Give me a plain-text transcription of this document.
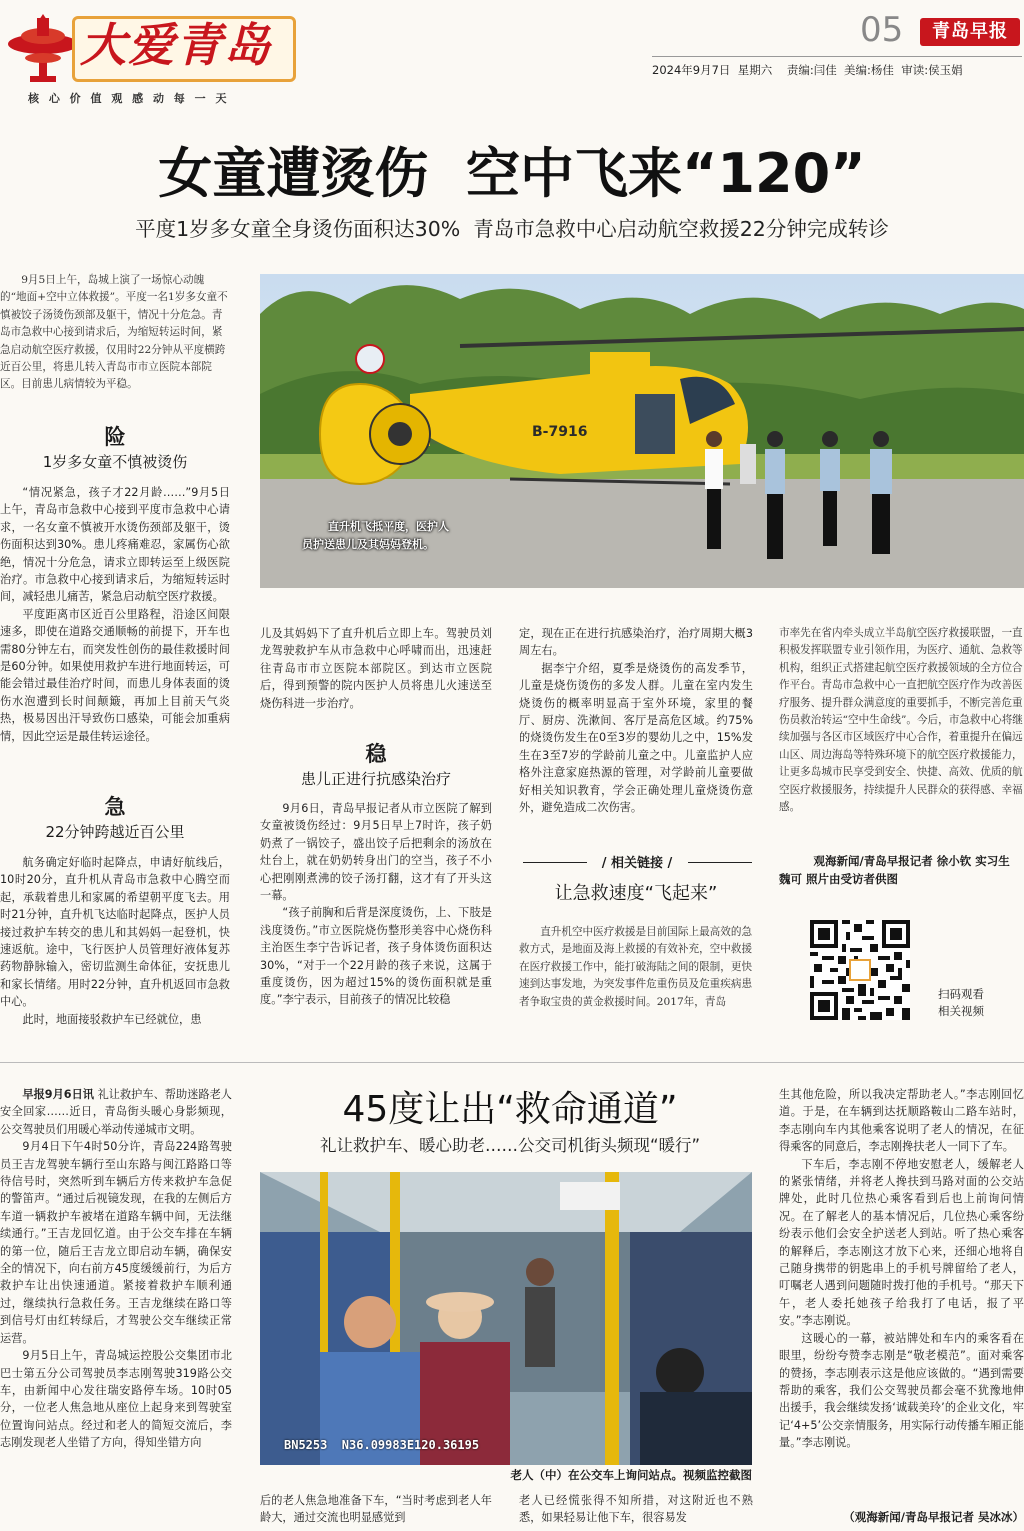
大爱青岛
核 心 价 值 观 感 动 每 一 天
05	青岛早报
2024年9月7日  星期六    责编:闫佳  美编:杨佳  审读:侯玉娟
女童遭烫伤  空中飞来“120”
平度1岁多女童全身烫伤面积达30%  青岛市急救中心启动航空救援22分钟完成转诊

9月5日上午，岛城上演了一场惊心动魄的“地面+空中立体救援”。平度一名1岁多女童不慎被饺子汤烫伤颈部及躯干，情况十分危急。青岛市急救中心接到请求后，为缩短转运时间，紧急启动航空医疗救援，仅用时22分钟从平度横跨近百公里，将患儿转入青岛市市立医院本部院区。目前患儿病情较为平稳。

险
1岁多女童不慎被烫伤

“情况紧急，孩子才22月龄……”9月5日上午，青岛市急救中心接到平度市急救中心请求，一名女童不慎被开水烫伤颈部及躯干，烫伤面积达到30%。患儿疼痛难忍，家属伤心欲绝，情况十分危急，请求立即转运至上级医院治疗。市急救中心接到请求后，为缩短转运时间，减轻患儿痛苦，紧急启动航空医疗救援。

平度距离市区近百公里路程，沿途区间限速多，即使在道路交通顺畅的前提下，开车也需80分钟左右，而突发性创伤的最佳救援时间是60分钟。如果使用救护车进行地面转运，可能会错过最佳治疗时间，而患儿身体表面的烫伤水泡遭到长时间颠簸，再加上目前天气炎热，极易因出汗导致伤口感染，可能会加重病情，因此空运是最佳转运途径。

急
22分钟跨越近百公里

航务确定好临时起降点，申请好航线后，10时20分，直升机从青岛市急救中心腾空而起，承载着患儿和家属的希望朝平度飞去。用时21分钟，直升机飞达临时起降点，医护人员接过救护车转交的患儿和其妈妈一起登机，快速返航。途中，飞行医护人员管理好液体复苏药物静脉输入，密切监测生命体征，安抚患儿和家长情绪。用时22分钟，直升机返回市急救中心。

此时，地面接驳救护车已经就位，患

B-7916
直升机飞抵平度，医护人
员护送患儿及其妈妈登机。

儿及其妈妈下了直升机后立即上车。驾驶员刘龙驾驶救护车从市急救中心呼啸而出，迅速赶往青岛市市立医院本部院区。到达市立医院后，得到预警的院内医护人员将患儿火速送至烧伤科进一步治疗。

稳
患儿正进行抗感染治疗

9月6日，青岛早报记者从市立医院了解到女童被烫伤经过：9月5日早上7时许，孩子奶奶煮了一锅饺子，盛出饺子后把剩余的汤放在灶台上，就在奶奶转身出门的空当，孩子不小心把刚刚煮沸的饺子汤打翻，这才有了开头这一幕。

“孩子前胸和后背是深度烫伤，上、下肢是浅度烫伤。”市立医院烧伤整形美容中心烧伤科主治医生李宁告诉记者，孩子身体烫伤面积达30%，“对于一个22月龄的孩子来说，这属于重度烫伤，因为超过15%的烫伤面积就是重度。”李宁表示，目前孩子的情况比较稳

定，现在正在进行抗感染治疗，治疗周期大概3周左右。

据李宁介绍，夏季是烧烫伤的高发季节，儿童是烧伤烫伤的多发人群。儿童在室内发生烧烫伤的概率明显高于室外环境，家里的餐厅、厨房、洗漱间、客厅是高危区域。约75%的烧烫伤发生在0至3岁的婴幼儿之中，15%发生在3至7岁的学龄前儿童之中。儿童监护人应格外注意家庭热源的管理，对学龄前儿童要做好相关知识教育，学会正确处理儿童烧烫伤意外，避免造成二次伤害。

/ 相关链接 /
让急救速度“飞起来”

直升机空中医疗救援是目前国际上最高效的急救方式，是地面及海上救援的有效补充，空中救援在医疗救援工作中，能打破海陆之间的限制，更快速到达事发地，为突发事件危重伤员及危重疾病患者争取宝贵的黄金救援时间。2017年，青岛

市率先在省内牵头成立半岛航空医疗救援联盟，一直积极发挥联盟专业引领作用，为医疗、通航、急救等机构，组织正式搭建起航空医疗救援领域的全方位合作平台。青岛市急救中心一直把航空医疗作为改善医疗服务、提升群众满意度的重要抓手，不断完善危重伤员救治转运“空中生命线”。今后，市急救中心将继续加强与各区市区域医疗中心合作，着重提升在偏远山区、周边海岛等特殊环境下的航空医疗救援能力，让更多岛城市民享受到安全、快捷、高效、优质的航空医疗救援服务，持续提升人民群众的获得感、幸福感。

观海新闻/青岛早报记者 徐小钦 实习生 魏可 照片由受访者供图
扫码观看
相关视频

早报9月6日讯 礼让救护车、帮助迷路老人安全回家……近日，青岛街头暖心身影频现，公交驾驶员们用暖心举动传递城市文明。

9月4日下午4时50分许，青岛224路驾驶员王吉龙驾驶车辆行至山东路与闽江路路口等待信号时，突然听到车辆后方传来救护车急促的警笛声。“通过后视镜发现，在我的左侧后方车道一辆救护车被堵在道路车辆中间，无法继续通行。”王吉龙回忆道。由于公交车排在车辆的第一位，随后王吉龙立即启动车辆，确保安全的情况下，向右前方45度缓缓前行，为后方救护车让出快速通道。紧接着救护车顺利通过，继续执行急救任务。王吉龙继续在路口等到信号灯由红转绿后，才驾驶公交车继续正常运营。

9月5日上午，青岛城运控股公交集团市北巴士第五分公司驾驶员李志刚驾驶319路公交车，由新闻中心发往瑞安路停车场。10时05分，一位老人焦急地从座位上起身来到驾驶室位置询问站点。经过和老人的简短交流后，李志刚发现老人坐错了方向，得知坐错方向

45度让出“救命通道”
礼让救护车、暖心助老……公交司机街头频现“暖行”
BN5253  N36.09983E120.36195
老人（中）在公交车上询问站点。视频监控截图

后的老人焦急地准备下车，“当时考虑到老人年龄大，通过交流也明显感觉到

老人已经慌张得不知所措，对这附近也不熟悉，如果轻易让他下车，很容易发

生其他危险，所以我决定帮助老人。”李志刚回忆道。于是，在车辆到达抚顺路鞍山二路车站时，李志刚向车内其他乘客说明了老人的情况，在征得乘客的同意后，李志刚搀扶老人一同下了车。

下车后，李志刚不停地安慰老人，缓解老人的紧张情绪，并将老人搀扶到马路对面的公交站牌处，此时几位热心乘客看到后也上前询问情况。在了解老人的基本情况后，几位热心乘客纷纷表示他们会安全护送老人到站。听了热心乘客的解释后，李志刚这才放下心来，还细心地将自己随身携带的钥匙串上的手机号牌留给了老人，叮嘱老人遇到问题随时拨打他的手机号。“那天下午，老人委托她孩子给我打了电话，报了平安。”李志刚说。

这暖心的一幕，被站牌处和车内的乘客看在眼里，纷纷夸赞李志刚是“敬老模范”。面对乘客的赞扬，李志刚表示这是他应该做的。“遇到需要帮助的乘客，我们公交驾驶员都会毫不犹豫地伸出援手，我会继续发扬‘诚载美玲’的企业文化，牢记‘4+5’公交亲情服务，用实际行动传播车厢正能量。”李志刚说。

（观海新闻/青岛早报记者 吴冰冰）
